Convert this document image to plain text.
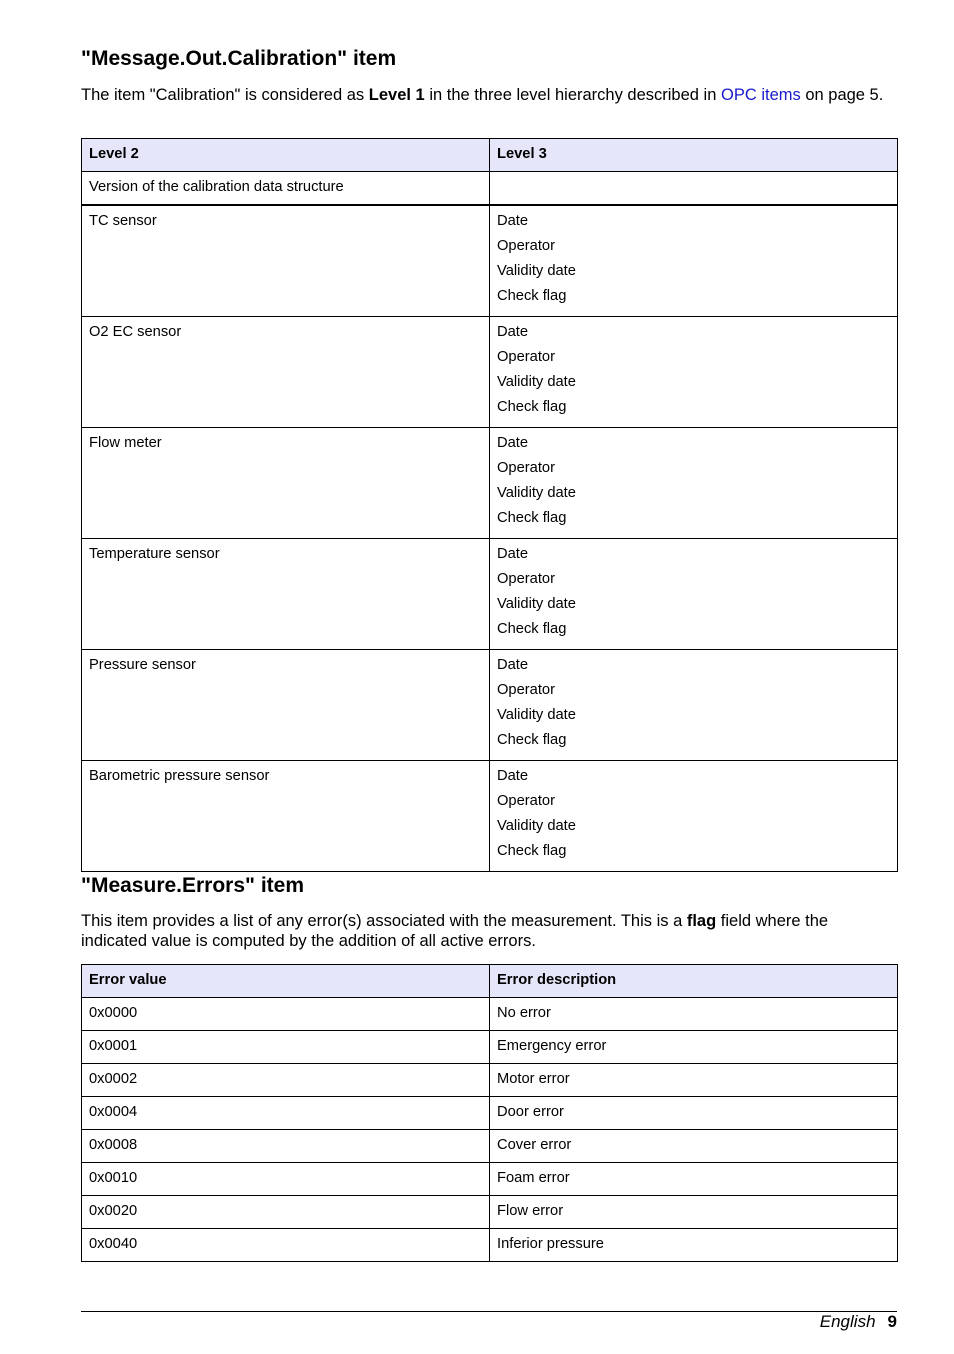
"Message.Out.Calibration" item

The item "Calibration" is considered as Level 1 in the three level hierarchy described in OPC items on page 5.

Level 2	Level 3
Version of the calibration data structure	
TC sensor	Date
Operator
Validity date
Check flag

O2 EC sensor	Date
Operator
Validity date
Check flag

Flow meter	Date
Operator
Validity date
Check flag

Temperature sensor	Date
Operator
Validity date
Check flag

Pressure sensor	Date
Operator
Validity date
Check flag

Barometric pressure sensor	Date
Operator
Validity date
Check flag
"Measure.Errors" item

This item provides a list of any error(s) associated with the measurement. This is a flag field where the indicated value is computed by the addition of all active errors.

Error value	Error description
0x0000	No error
0x0001	Emergency error
0x0002	Motor error
0x0004	Door error
0x0008	Cover error
0x0010	Foam error
0x0020	Flow error
0x0040	Inferior pressure
English 9
